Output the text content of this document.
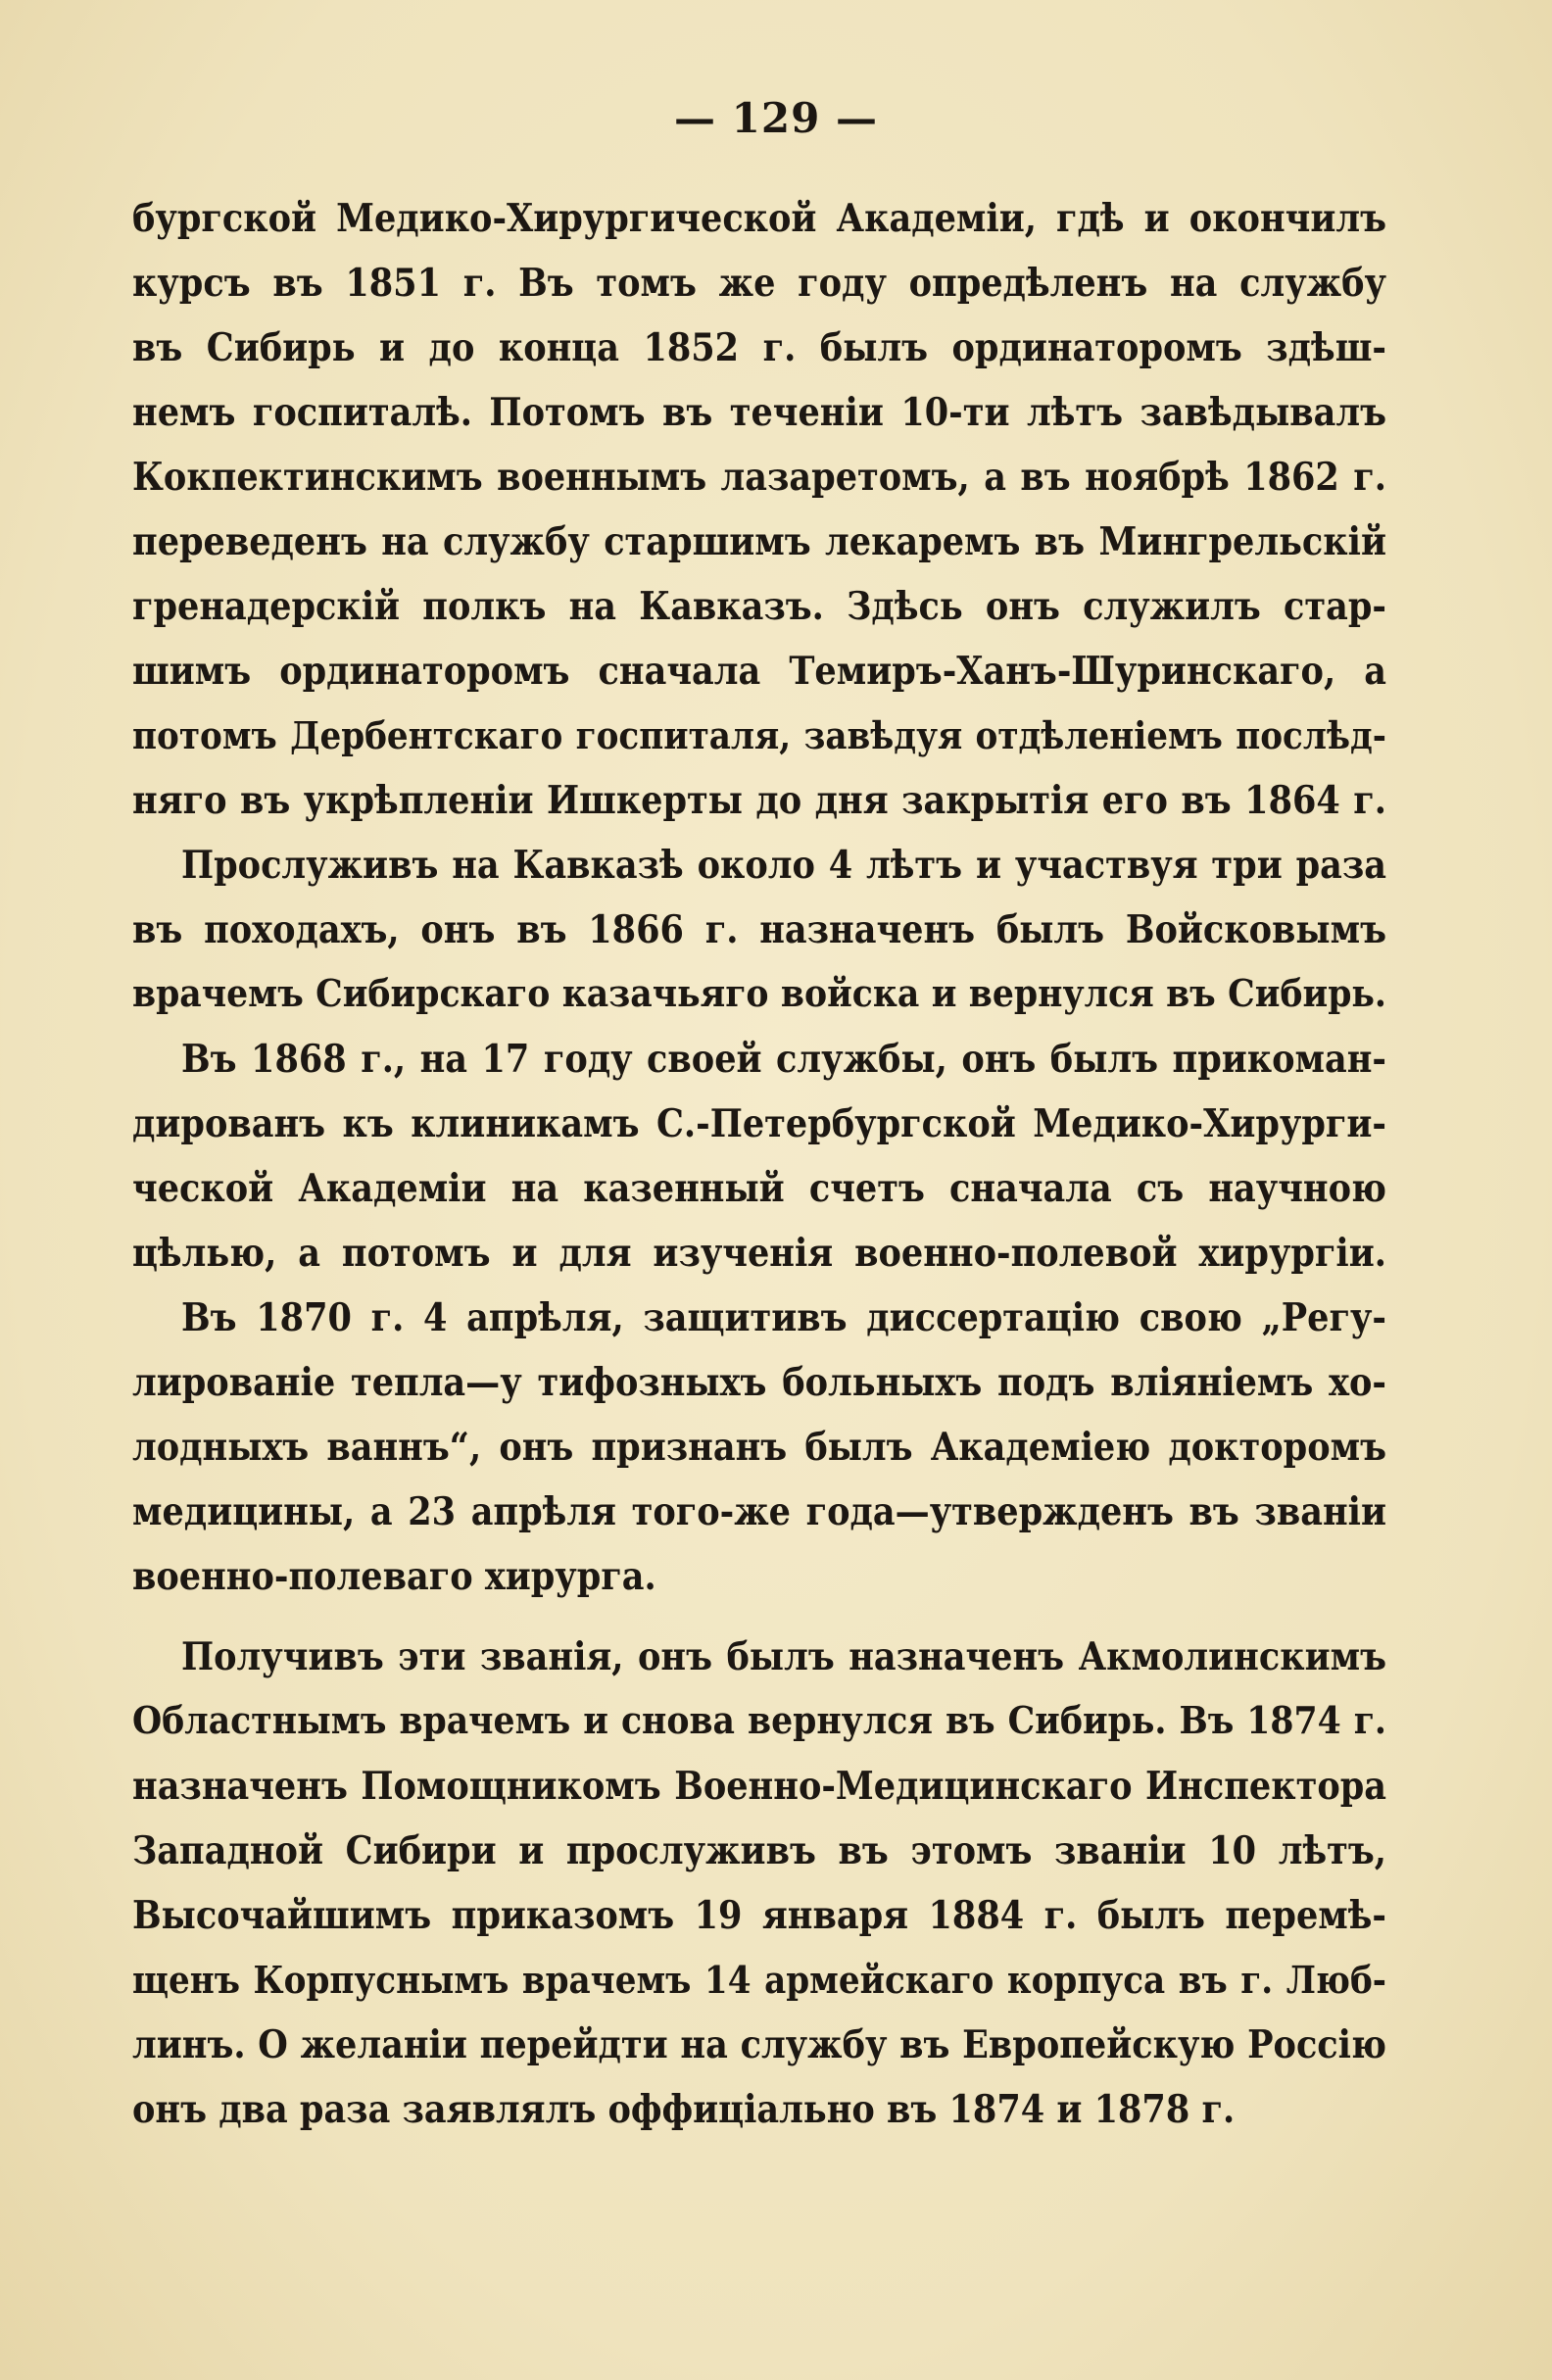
— 129 —
бургской Медико-Хирургической Академіи, гдѣ и окончилъ
курсъ въ 1851 г. Въ томъ же году опредѣленъ на службу
въ Сибирь и до конца 1852 г. былъ ординаторомъ здѣш-
немъ госпиталѣ. Потомъ въ теченіи 10-ти лѣтъ завѣдывалъ
Кокпектинскимъ военнымъ лазаретомъ, а въ ноябрѣ 1862 г.
переведенъ на службу старшимъ лекаремъ въ Мингрельскій
гренадерскій полкъ на Кавказъ. Здѣсь онъ служилъ стар-
шимъ ординаторомъ сначала Темиръ-Ханъ-Шуринскаго, а
потомъ Дербентскаго госпиталя, завѣдуя отдѣленіемъ послѣд-
няго въ укрѣпленіи Ишкерты до дня закрытія его въ 1864 г.
Прослуживъ на Кавказѣ около 4 лѣтъ и участвуя три раза
въ походахъ, онъ въ 1866 г. назначенъ былъ Войсковымъ
врачемъ Сибирскаго казачьяго войска и вернулся въ Сибирь.
Въ 1868 г., на 17 году своей службы, онъ былъ прикоман-
дированъ къ клиникамъ С.-Петербургской Медико-Хирурги-
ческой Академіи на казенный счетъ сначала съ научною
цѣлью, а потомъ и для изученія военно-полевой хирургіи.
Въ 1870 г. 4 апрѣля, защитивъ диссертацію свою „Регу-
лированіе тепла—у тифозныхъ больныхъ подъ вліяніемъ хо-
лодныхъ ваннъ“, онъ признанъ былъ Академіею докторомъ
медицины, а 23 апрѣля того-же года—утвержденъ въ званіи
военно-полеваго хирурга.
Получивъ эти званія, онъ былъ назначенъ Акмолинскимъ
Областнымъ врачемъ и снова вернулся въ Сибирь. Въ 1874 г.
назначенъ Помощникомъ Военно-Медицинскаго Инспектора
Западной Сибири и прослуживъ въ этомъ званіи 10 лѣтъ,
Высочайшимъ приказомъ 19 января 1884 г. былъ перемѣ-
щенъ Корпуснымъ врачемъ 14 армейскаго корпуса въ г. Люб-
линъ. О желаніи перейдти на службу въ Европейскую Россію
онъ два раза заявлялъ оффиціально въ 1874 и 1878 г.
